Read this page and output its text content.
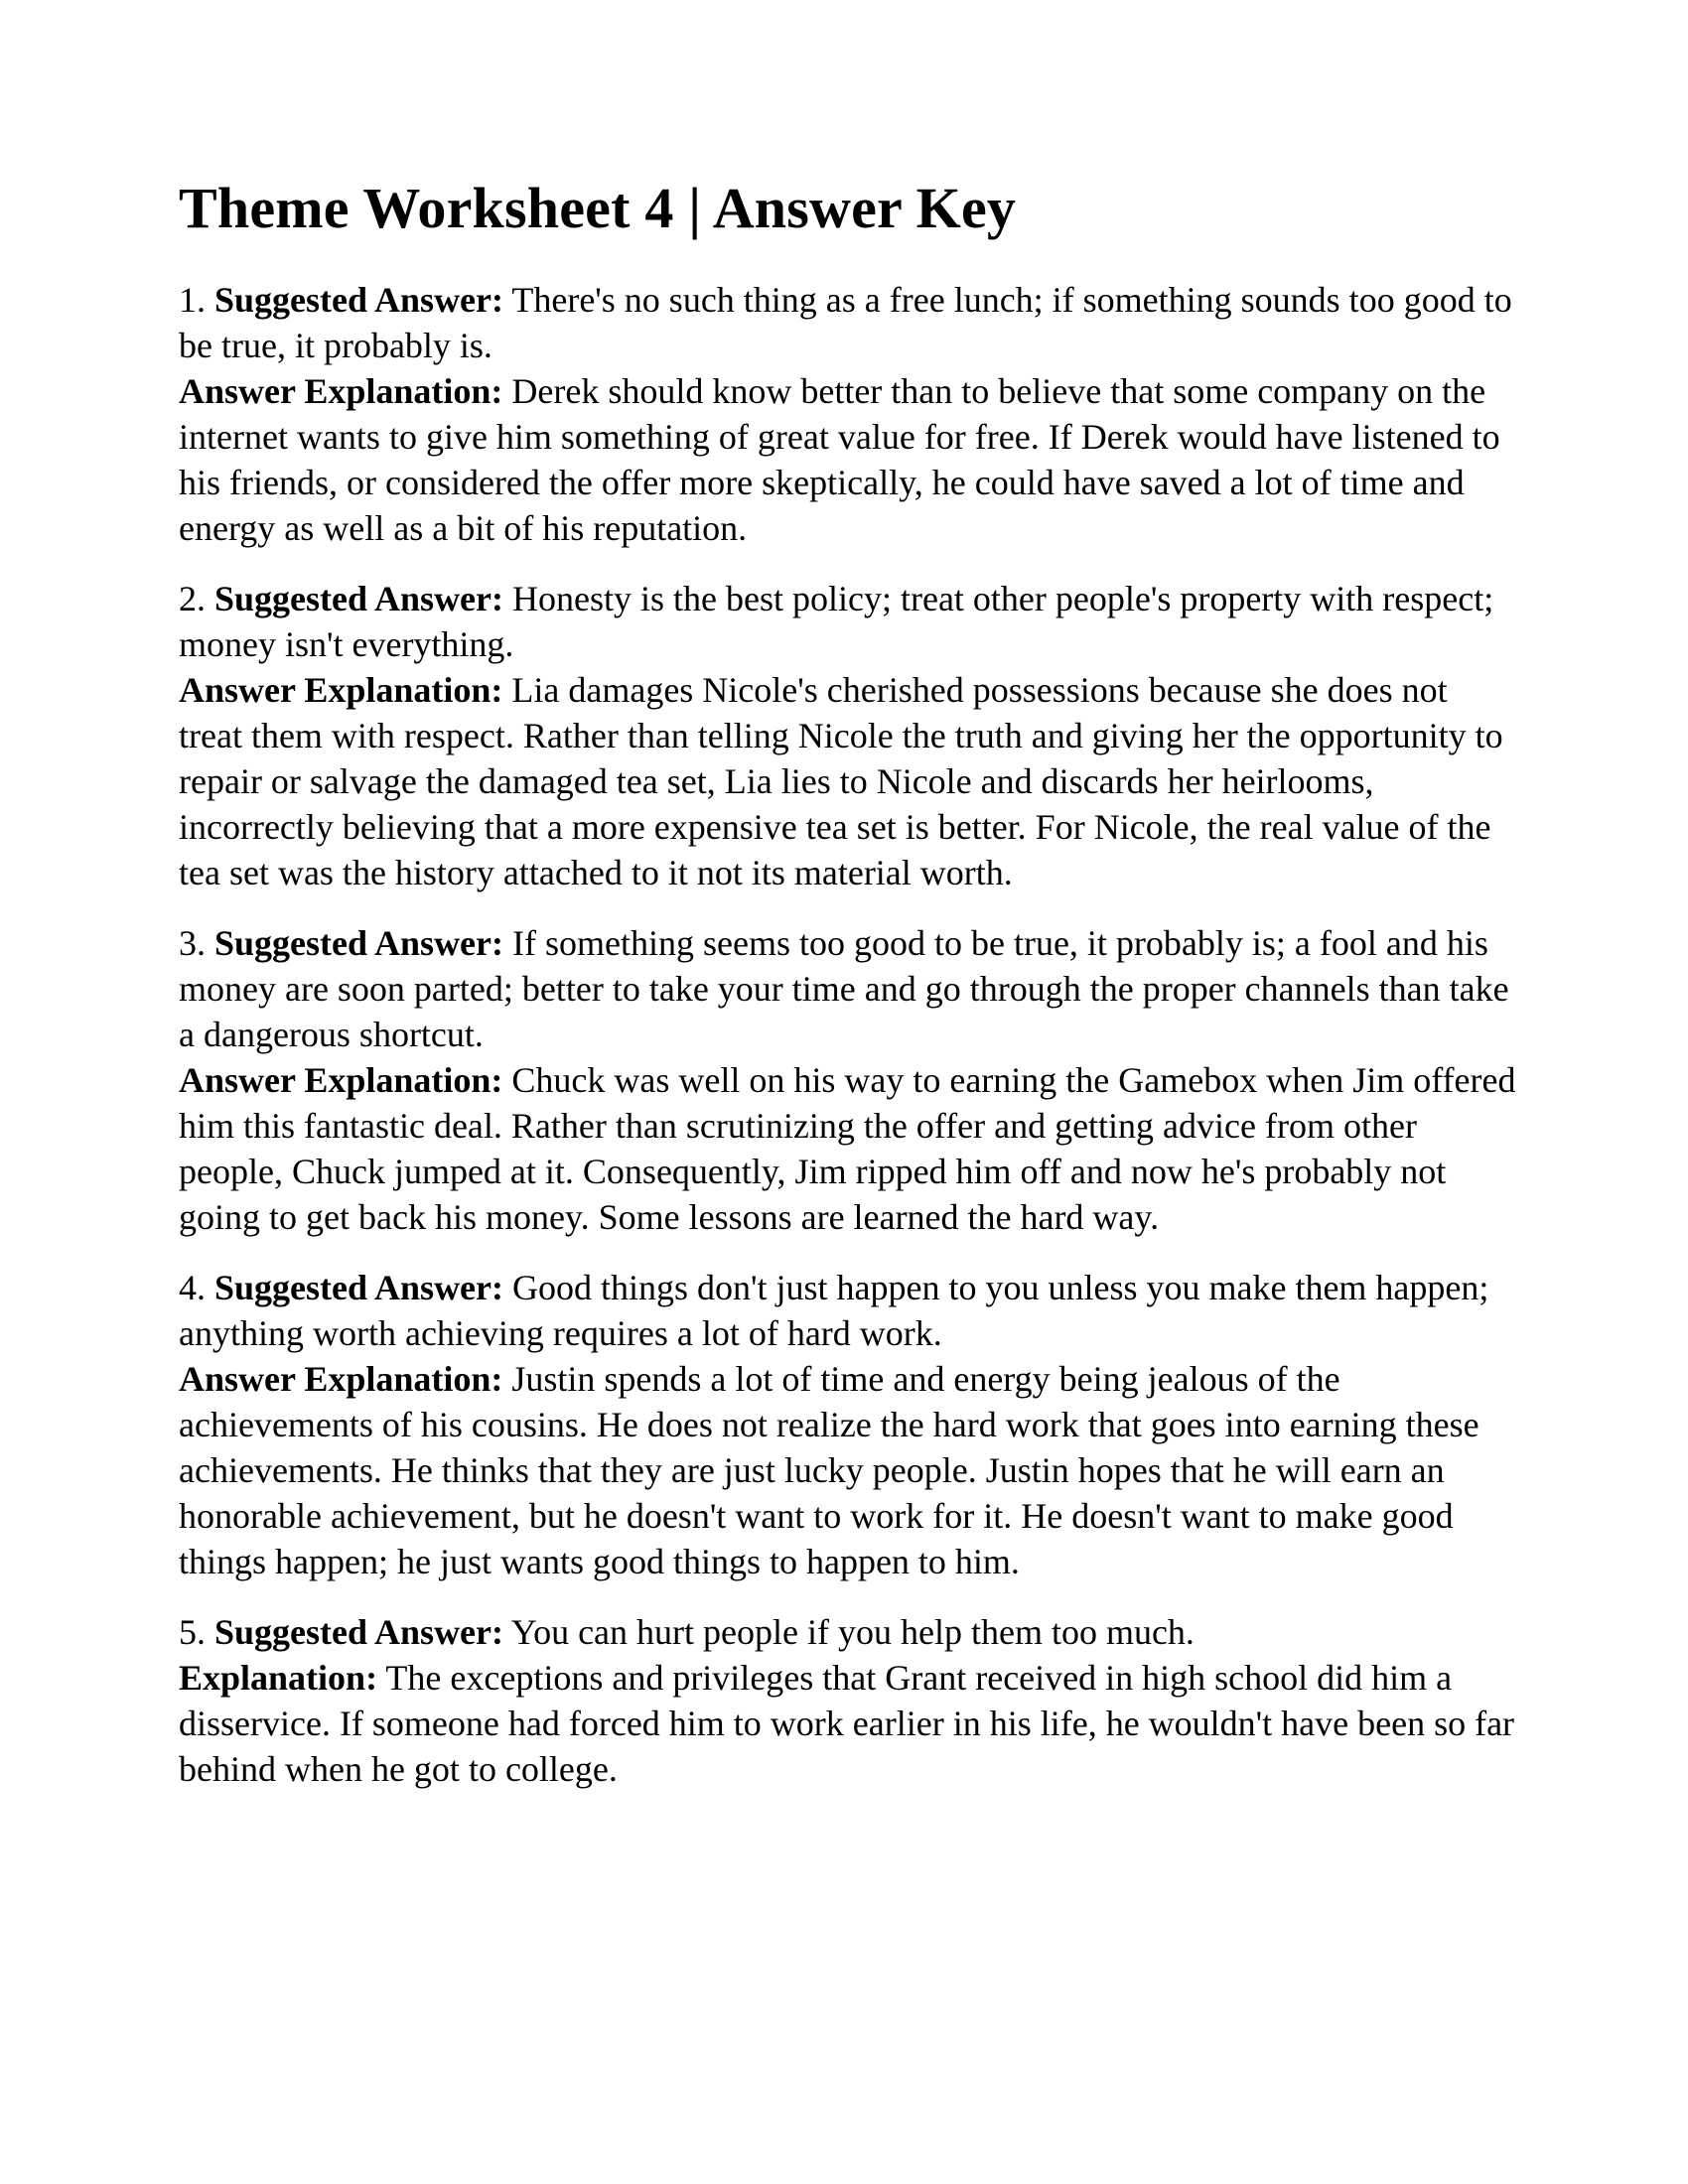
Theme Worksheet 4 | Answer Key

1. Suggested Answer: There's no such thing as a free lunch; if something sounds too good to be true, it probably is.

Answer Explanation: Derek should know better than to believe that some company on the internet wants to give him something of great value for free. If Derek would have listened to his friends, or considered the offer more skeptically, he could have saved a lot of time and energy as well as a bit of his reputation.

2. Suggested Answer: Honesty is the best policy; treat other people's property with respect; money isn't everything.

Answer Explanation: Lia damages Nicole's cherished possessions because she does not treat them with respect. Rather than telling Nicole the truth and giving her the opportunity to repair or salvage the damaged tea set, Lia lies to Nicole and discards her heirlooms, incorrectly believing that a more expensive tea set is better. For Nicole, the real value of the tea set was the history attached to it not its material worth.

3. Suggested Answer: If something seems too good to be true, it probably is; a fool and his money are soon parted; better to take your time and go through the proper channels than take a dangerous shortcut.

Answer Explanation: Chuck was well on his way to earning the Gamebox when Jim offered him this fantastic deal. Rather than scrutinizing the offer and getting advice from other people, Chuck jumped at it. Consequently, Jim ripped him off and now he's probably not going to get back his money. Some lessons are learned the hard way.

4. Suggested Answer: Good things don't just happen to you unless you make them happen; anything worth achieving requires a lot of hard work.

Answer Explanation: Justin spends a lot of time and energy being jealous of the achievements of his cousins. He does not realize the hard work that goes into earning these achievements. He thinks that they are just lucky people. Justin hopes that he will earn an honorable achievement, but he doesn't want to work for it. He doesn't want to make good things happen; he just wants good things to happen to him.

5. Suggested Answer: You can hurt people if you help them too much.

Explanation: The exceptions and privileges that Grant received in high school did him a disservice. If someone had forced him to work earlier in his life, he wouldn't have been so far behind when he got to college.
